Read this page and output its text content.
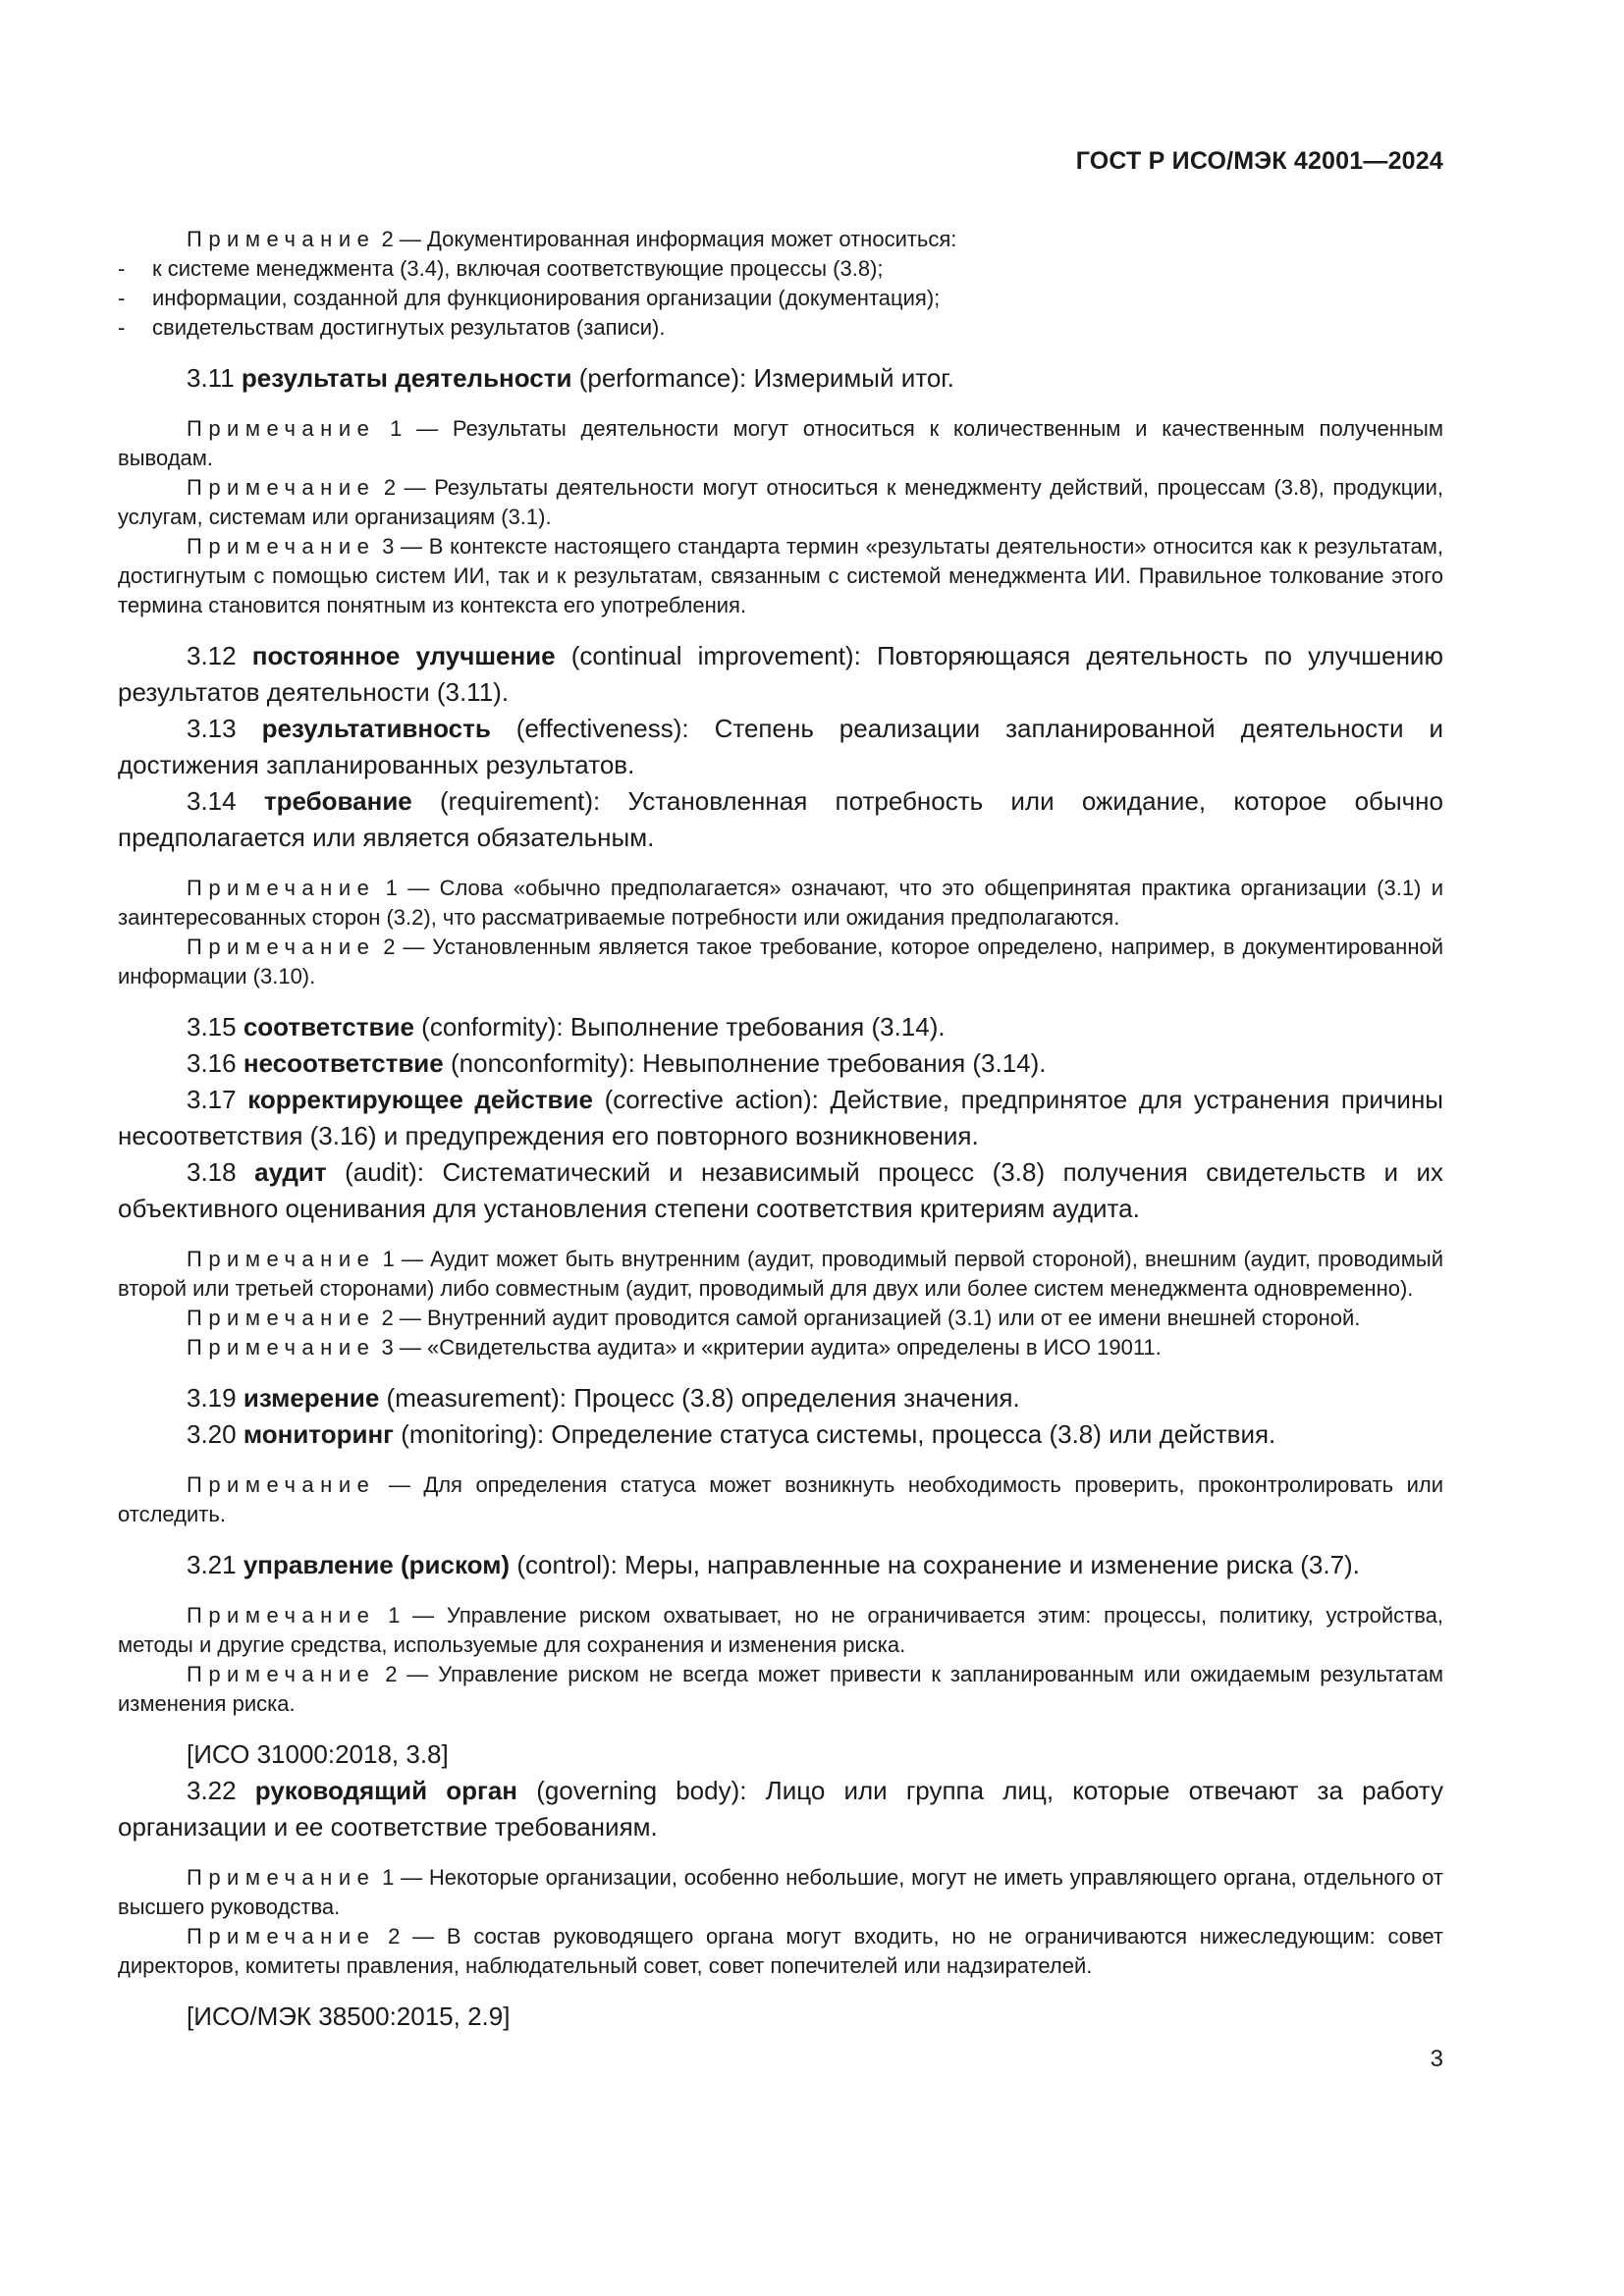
ГОСТ Р ИСО/МЭК 42001—2024

Примечание 2 — Документированная информация может относиться:

- к системе менеджмента (3.4), включая соответствующие процессы (3.8);

- информации, созданной для функционирования организации (документация);

- свидетельствам достигнутых результатов (записи).

3.11 результаты деятельности (performance): Измеримый итог.

Примечание 1 — Результаты деятельности могут относиться к количественным и качественным полученным выводам.

Примечание 2 — Результаты деятельности могут относиться к менеджменту действий, процессам (3.8), продукции, услугам, системам или организациям (3.1).

Примечание 3 — В контексте настоящего стандарта термин «результаты деятельности» относится как к результатам, достигнутым с помощью систем ИИ, так и к результатам, связанным с системой менеджмента ИИ. Правильное толкование этого термина становится понятным из контекста его употребления.

3.12 постоянное улучшение (continual improvement): Повторяющаяся деятельность по улучшению результатов деятельности (3.11).

3.13 результативность (effectiveness): Степень реализации запланированной деятельности и достижения запланированных результатов.

3.14 требование (requirement): Установленная потребность или ожидание, которое обычно предполагается или является обязательным.

Примечание 1 — Слова «обычно предполагается» означают, что это общепринятая практика организации (3.1) и заинтересованных сторон (3.2), что рассматриваемые потребности или ожидания предполагаются.

Примечание 2 — Установленным является такое требование, которое определено, например, в документированной информации (3.10).

3.15 соответствие (conformity): Выполнение требования (3.14).

3.16 несоответствие (nonconformity): Невыполнение требования (3.14).

3.17 корректирующее действие (corrective action): Действие, предпринятое для устранения причины несоответствия (3.16) и предупреждения его повторного возникновения.

3.18 аудит (audit): Систематический и независимый процесс (3.8) получения свидетельств и их объективного оценивания для установления степени соответствия критериям аудита.

Примечание 1 — Аудит может быть внутренним (аудит, проводимый первой стороной), внешним (аудит, проводимый второй или третьей сторонами) либо совместным (аудит, проводимый для двух или более систем менеджмента одновременно).

Примечание 2 — Внутренний аудит проводится самой организацией (3.1) или от ее имени внешней стороной.

Примечание 3 — «Свидетельства аудита» и «критерии аудита» определены в ИСО 19011.

3.19 измерение (measurement): Процесс (3.8) определения значения.

3.20 мониторинг (monitoring): Определение статуса системы, процесса (3.8) или действия.

Примечание — Для определения статуса может возникнуть необходимость проверить, проконтролировать или отследить.

3.21 управление (риском) (control): Меры, направленные на сохранение и изменение риска (3.7).

Примечание 1 — Управление риском охватывает, но не ограничивается этим: процессы, политику, устройства, методы и другие средства, используемые для сохранения и изменения риска.

Примечание 2 — Управление риском не всегда может привести к запланированным или ожидаемым результатам изменения риска.

[ИСО 31000:2018, 3.8]

3.22 руководящий орган (governing body): Лицо или группа лиц, которые отвечают за работу организации и ее соответствие требованиям.

Примечание 1 — Некоторые организации, особенно небольшие, могут не иметь управляющего органа, отдельного от высшего руководства.

Примечание 2 — В состав руководящего органа могут входить, но не ограничиваются нижеследующим: совет директоров, комитеты правления, наблюдательный совет, совет попечителей или надзирателей.

[ИСО/МЭК 38500:2015, 2.9]

3
